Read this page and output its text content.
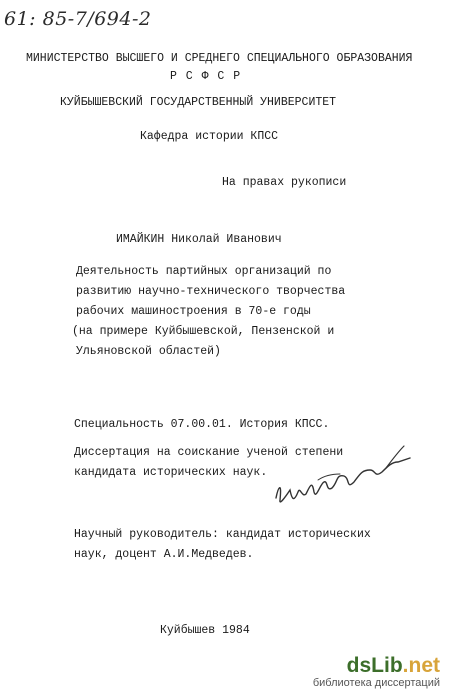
61: 85-7/694-2
МИНИСТЕРСТВО ВЫСШЕГО И СРЕДНЕГО СПЕЦИАЛЬНОГО ОБРАЗОВАНИЯ
Р С Ф С Р
КУЙБЫШЕВСКИЙ ГОСУДАРСТВЕННЫЙ УНИВЕРСИТЕТ
Кафедра истории КПСС
На правах рукописи
ИМАЙКИН Николай Иванович
Деятельность партийных организаций по
развитию научно-технического творчества
рабочих машиностроения в 70-е годы
(на примере Куйбышевской, Пензенской и
Ульяновской областей)
Специальность 07.00.01. История КПСС.
Диссертация на соискание ученой степени
кандидата исторических наук.
Научный руководитель: кандидат исторических
наук, доцент А.И.Медведев.
Куйбышев 1984
dsLib.net
библиотека диссертаций
